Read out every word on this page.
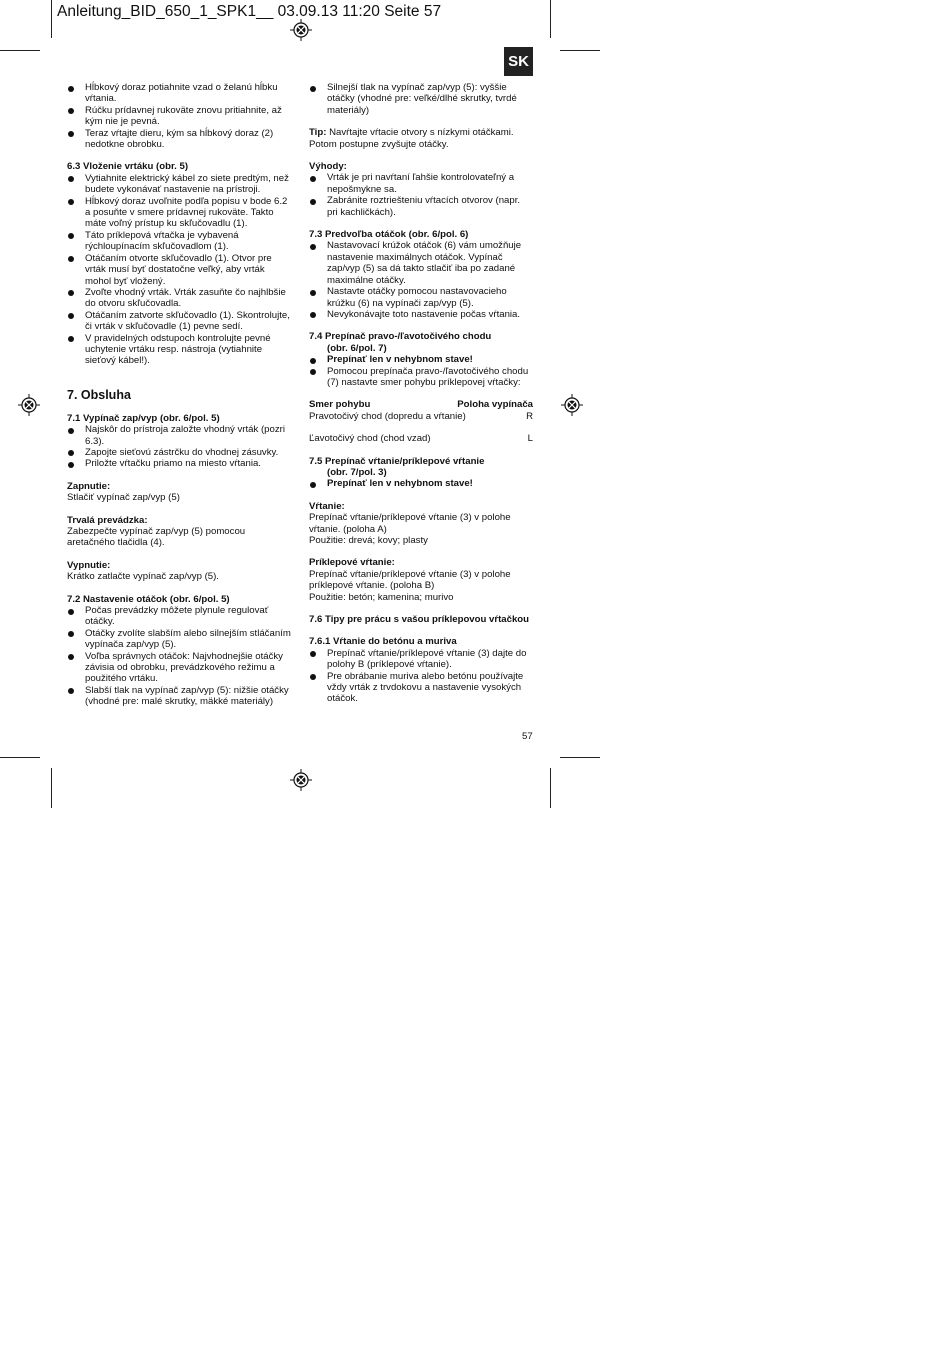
Anleitung_BID_650_1_SPK1__ 03.09.13 11:20 Seite 57
SK
Hĺbkový doraz potiahnite vzad o želanú hĺbku vŕtania.
Rúčku prídavnej rukoväte znovu pritiahnite, až kým nie je pevná.
Teraz vŕtajte dieru, kým sa hĺbkový doraz (2) nedotkne obrobku.
6.3 Vloženie vrtáku (obr. 5)
Vytiahnite elektrický kábel zo siete predtým, než budete vykonávať nastavenie na prístroji.
Hĺbkový doraz uvoľnite podľa popisu v bode 6.2 a posuňte v smere prídavnej rukoväte. Takto máte voľný prístup ku skľučovadlu (1).
Táto príklepová vŕtačka je vybavená rýchloupínacím skľučovadlom (1).
Otáčaním otvorte skľučovadlo (1). Otvor pre vrták musí byť dostatočne veľký, aby vrták mohol byť vložený.
Zvoľte vhodný vrták. Vrták zasuňte čo najhlbšie do otvoru skľučovadla.
Otáčaním zatvorte skľučovadlo (1). Skontrolujte, či vrták v skľučovadle (1) pevne sedí.
V pravidelných odstupoch kontrolujte pevné uchytenie vrtáku resp. nástroja (vytiahnite sieťový kábel!).
7. Obsluha
7.1 Vypínač zap/vyp (obr. 6/pol. 5)
Najskôr do prístroja založte vhodný vrták (pozri 6.3).
Zapojte sieťovú zástrčku do vhodnej zásuvky.
Priložte vŕtačku priamo na miesto vŕtania.
Zapnutie:

Stlačiť vypínač zap/vyp (5)

Trvalá prevádzka:

Zabezpečte vypínač zap/vyp (5) pomocou aretačného tlačidla (4).

Vypnutie:

Krátko zatlačte vypínač zap/vyp (5).

7.2 Nastavenie otáčok (obr. 6/pol. 5)
Počas prevádzky môžete plynule regulovať otáčky.
Otáčky zvolíte slabším alebo silnejším stláčaním vypínača zap/vyp (5).
Voľba správnych otáčok: Najvhodnejšie otáčky závisia od obrobku, prevádzkového režimu a použitého vrtáku.
Slabší tlak na vypínač zap/vyp (5): nižšie otáčky (vhodné pre: malé skrutky, mäkké materiály)
Silnejší tlak na vypínač zap/vyp (5): vyššie otáčky (vhodné pre: veľké/dlhé skrutky, tvrdé materiály)

Tip: Navŕtajte vŕtacie otvory s nízkymi otáčkami. Potom postupne zvyšujte otáčky.

Výhody:
Vrták je pri navŕtaní ľahšie kontrolovateľný a nepošmykne sa.
Zabránite roztriešteniu vŕtacích otvorov (napr. pri kachličkách).
7.3 Predvoľba otáčok (obr. 6/pol. 6)
Nastavovací krúžok otáčok (6) vám umožňuje nastavenie maximálnych otáčok. Vypínač zap/vyp (5) sa dá takto stlačiť iba po zadané maximálne otáčky.
Nastavte otáčky pomocou nastavovacieho krúžku (6) na vypínači zap/vyp (5).
Nevykonávajte toto nastavenie počas vŕtania.
7.4 Prepínač pravo-/ľavotočivého chodu
(obr. 6/pol. 7)
Prepínať len v nehybnom stave!
Pomocou prepínača pravo-/ľavotočivého chodu (7) nastavte smer pohybu príklepovej vŕtačky:
Smer pohybu	Poloha vypínača
Pravotočivý chod (dopredu a vŕtanie)	R
Ľavotočivý chod (chod vzad)	L
7.5 Prepínač vŕtanie/príklepové vŕtanie
(obr. 7/pol. 3)
Prepínať len v nehybnom stave!
Vŕtanie:

Prepínač vŕtanie/príklepové vŕtanie (3) v polohe vŕtanie. (poloha A)

Použitie: drevá; kovy; plasty

Príklepové vŕtanie:

Prepínač vŕtanie/príklepové vŕtanie (3) v polohe príklepové vŕtanie. (poloha B)

Použitie: betón; kamenina; murivo

7.6 Tipy pre prácu s vašou príklepovou vŕtačkou
7.6.1 Vŕtanie do betónu a muriva
Prepínač vŕtanie/príklepové vŕtanie (3) dajte do polohy B (príklepové vŕtanie).
Pre obrábanie muriva alebo betónu používajte vždy vrták z trvdokovu a nastavenie vysokých otáčok.
57
